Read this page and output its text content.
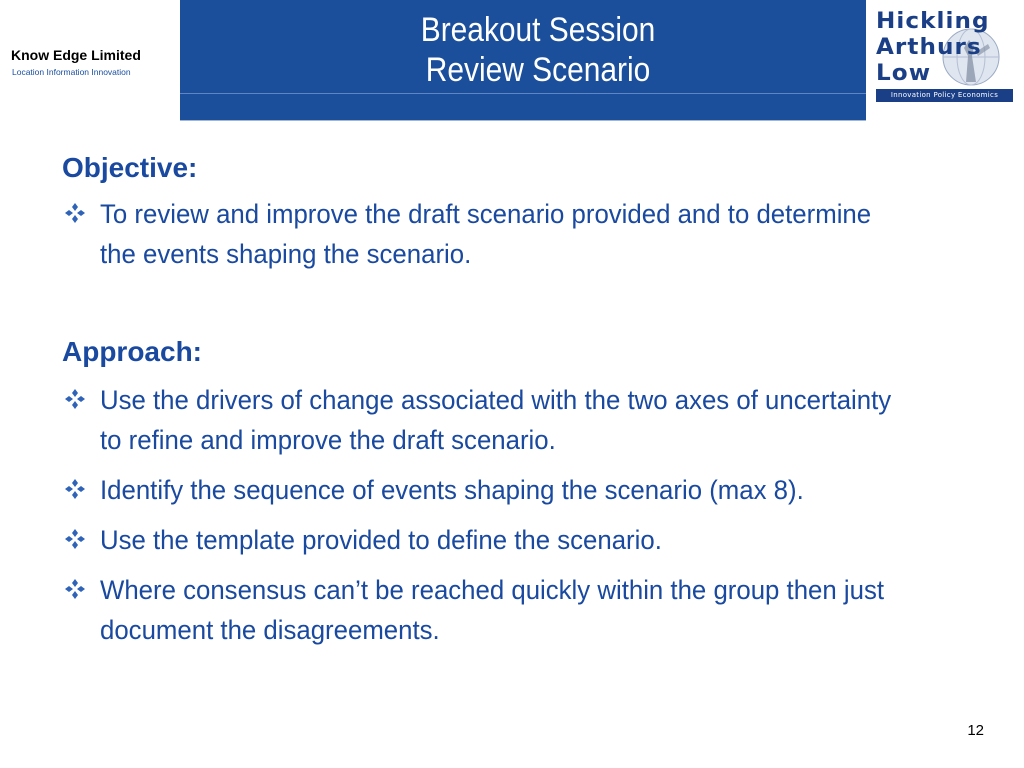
Know Edge Limited
Location Information Innovation
Breakout Session
Review Scenario
Hickling
Arthurs
Low
Innovation Policy Economics
Objective:
To review and improve the draft scenario provided and to determine the events shaping the scenario.
Approach:
Use the drivers of change associated with the two axes of uncertainty to refine and improve the draft scenario.
Identify the sequence of events shaping the scenario (max 8).
Use the template provided to define the scenario.
Where consensus can’t be reached quickly within the group then just document the disagreements.
12
